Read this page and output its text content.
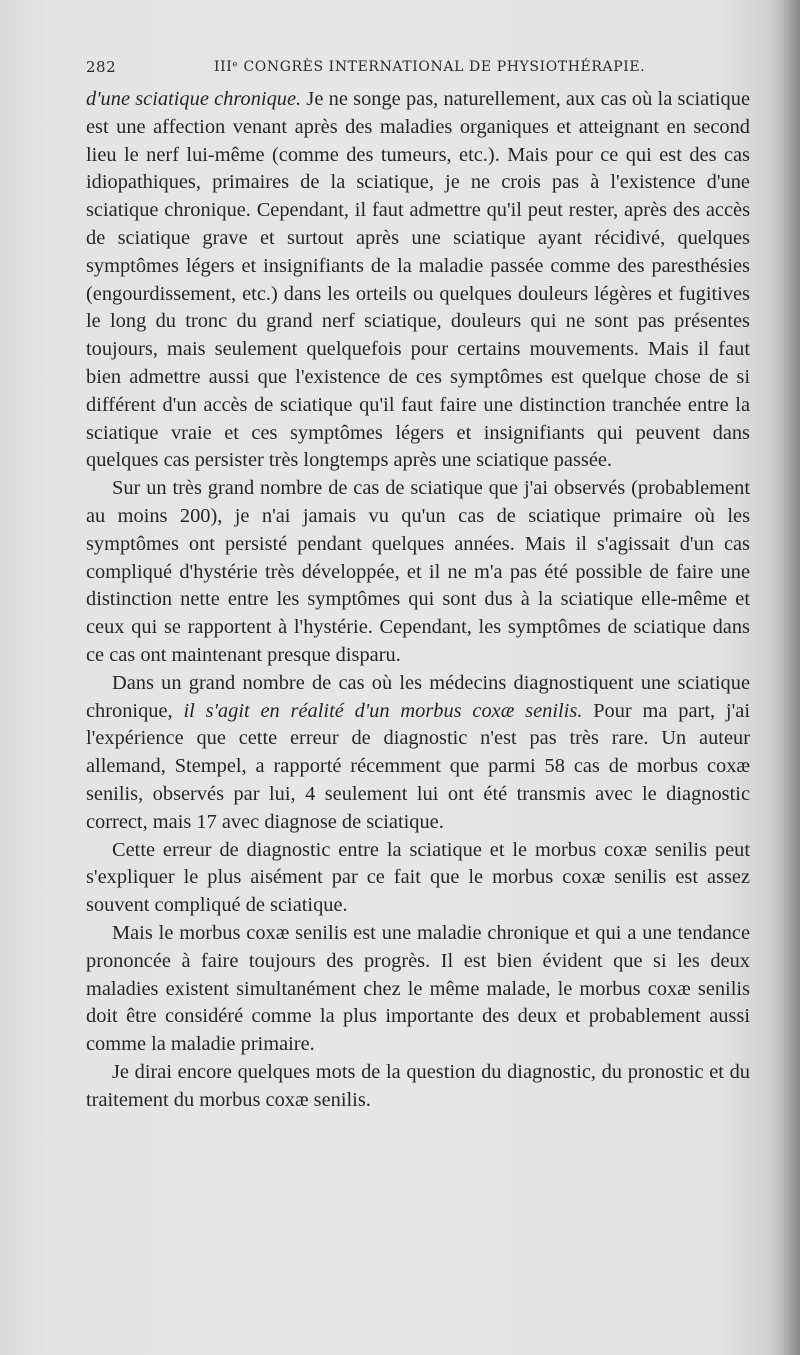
282	IIIᵉ CONGRÈS INTERNATIONAL DE PHYSIOTHÉRAPIE.

d'une sciatique chronique. Je ne songe pas, naturellement, aux cas où la sciatique est une affection venant après des maladies organiques et atteignant en second lieu le nerf lui-même (comme des tumeurs, etc.). Mais pour ce qui est des cas idiopathiques, primaires de la sciatique, je ne crois pas à l'existence d'une sciatique chronique. Cependant, il faut admettre qu'il peut rester, après des accès de sciatique grave et surtout après une sciatique ayant récidivé, quelques symptômes légers et insignifiants de la maladie passée comme des paresthésies (engourdissement, etc.) dans les orteils ou quelques douleurs légères et fugitives le long du tronc du grand nerf sciatique, douleurs qui ne sont pas présentes toujours, mais seulement quelquefois pour certains mouvements. Mais il faut bien admettre aussi que l'existence de ces symptômes est quelque chose de si différent d'un accès de sciatique qu'il faut faire une distinction tranchée entre la sciatique vraie et ces symptômes légers et insignifiants qui peuvent dans quelques cas persister très longtemps après une sciatique passée.

Sur un très grand nombre de cas de sciatique que j'ai observés (probablement au moins 200), je n'ai jamais vu qu'un cas de sciatique primaire où les symptômes ont persisté pendant quelques années. Mais il s'agissait d'un cas compliqué d'hystérie très développée, et il ne m'a pas été possible de faire une distinction nette entre les symptômes qui sont dus à la sciatique elle-même et ceux qui se rapportent à l'hystérie. Cependant, les symptômes de sciatique dans ce cas ont maintenant presque disparu.

Dans un grand nombre de cas où les médecins diagnostiquent une sciatique chronique, il s'agit en réalité d'un morbus coxæ senilis. Pour ma part, j'ai l'expérience que cette erreur de diagnostic n'est pas très rare. Un auteur allemand, Stempel, a rapporté récemment que parmi 58 cas de morbus coxæ senilis, observés par lui, 4 seulement lui ont été transmis avec le diagnostic correct, mais 17 avec diagnose de sciatique.

Cette erreur de diagnostic entre la sciatique et le morbus coxæ senilis peut s'expliquer le plus aisément par ce fait que le morbus coxæ senilis est assez souvent compliqué de sciatique.

Mais le morbus coxæ senilis est une maladie chronique et qui a une tendance prononcée à faire toujours des progrès. Il est bien évident que si les deux maladies existent simultanément chez le même malade, le morbus coxæ senilis doit être considéré comme la plus importante des deux et probablement aussi comme la maladie primaire.

Je dirai encore quelques mots de la question du diagnostic, du pronostic et du traitement du morbus coxæ senilis.
